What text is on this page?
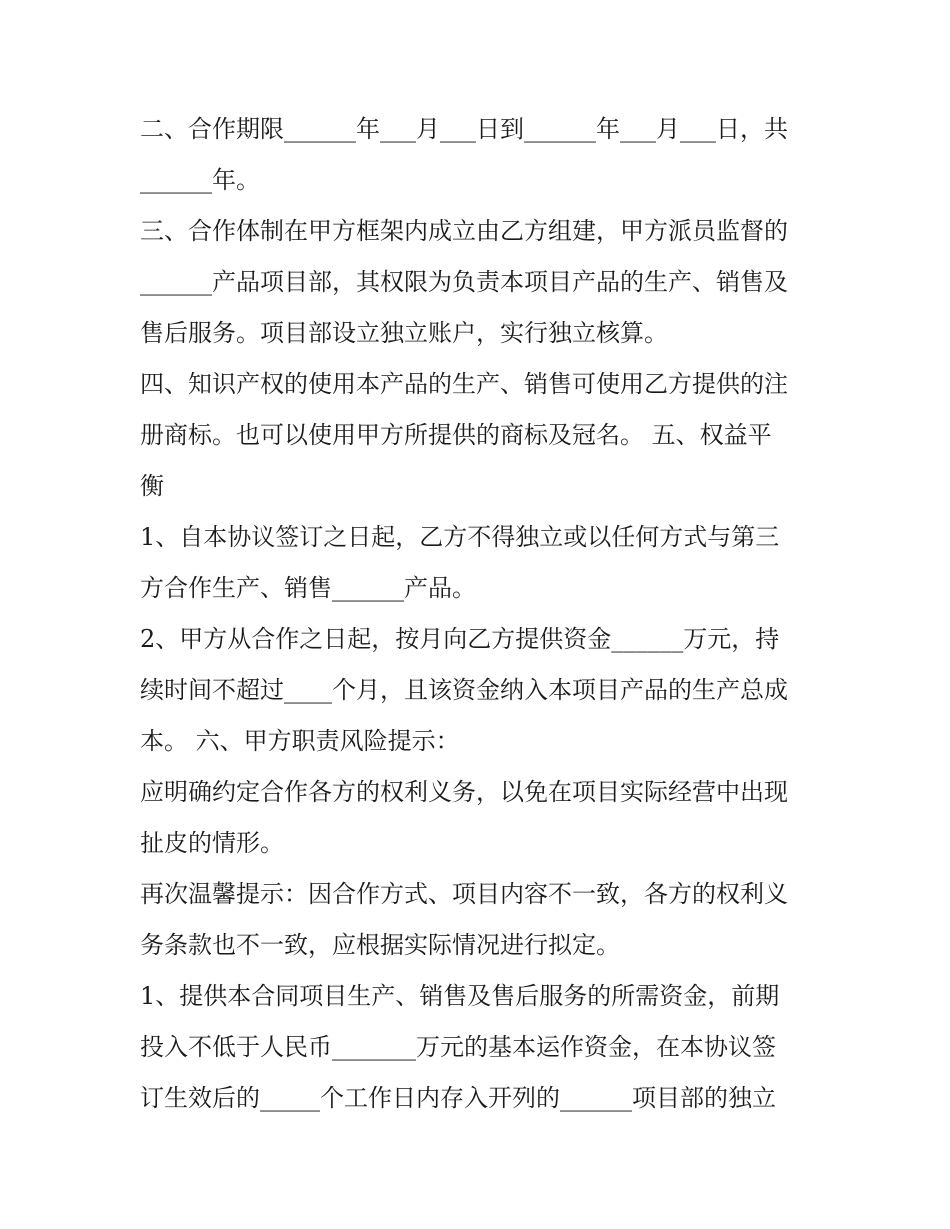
二、合作期限______年___月___日到______年___月___日，共
______年。
三、合作体制在甲方框架内成立由乙方组建，甲方派员监督的
______产品项目部，其权限为负责本项目产品的生产、销售及
售后服务。项目部设立独立账户，实行独立核算。
四、知识产权的使用本产品的生产、销售可使用乙方提供的注
册商标。也可以使用甲方所提供的商标及冠名。 五、权益平
衡
1、自本协议签订之日起，乙方不得独立或以任何方式与第三
方合作生产、销售______产品。
2、甲方从合作之日起，按月向乙方提供资金______万元，持
续时间不超过____个月，且该资金纳入本项目产品的生产总成
本。 六、甲方职责风险提示：
应明确约定合作各方的权利义务，以免在项目实际经营中出现
扯皮的情形。
再次温馨提示：因合作方式、项目内容不一致，各方的权利义
务条款也不一致，应根据实际情况进行拟定。
1、提供本合同项目生产、销售及售后服务的所需资金，前期
投入不低于人民币_______万元的基本运作资金，在本协议签
订生效后的_____个工作日内存入开列的______项目部的独立
